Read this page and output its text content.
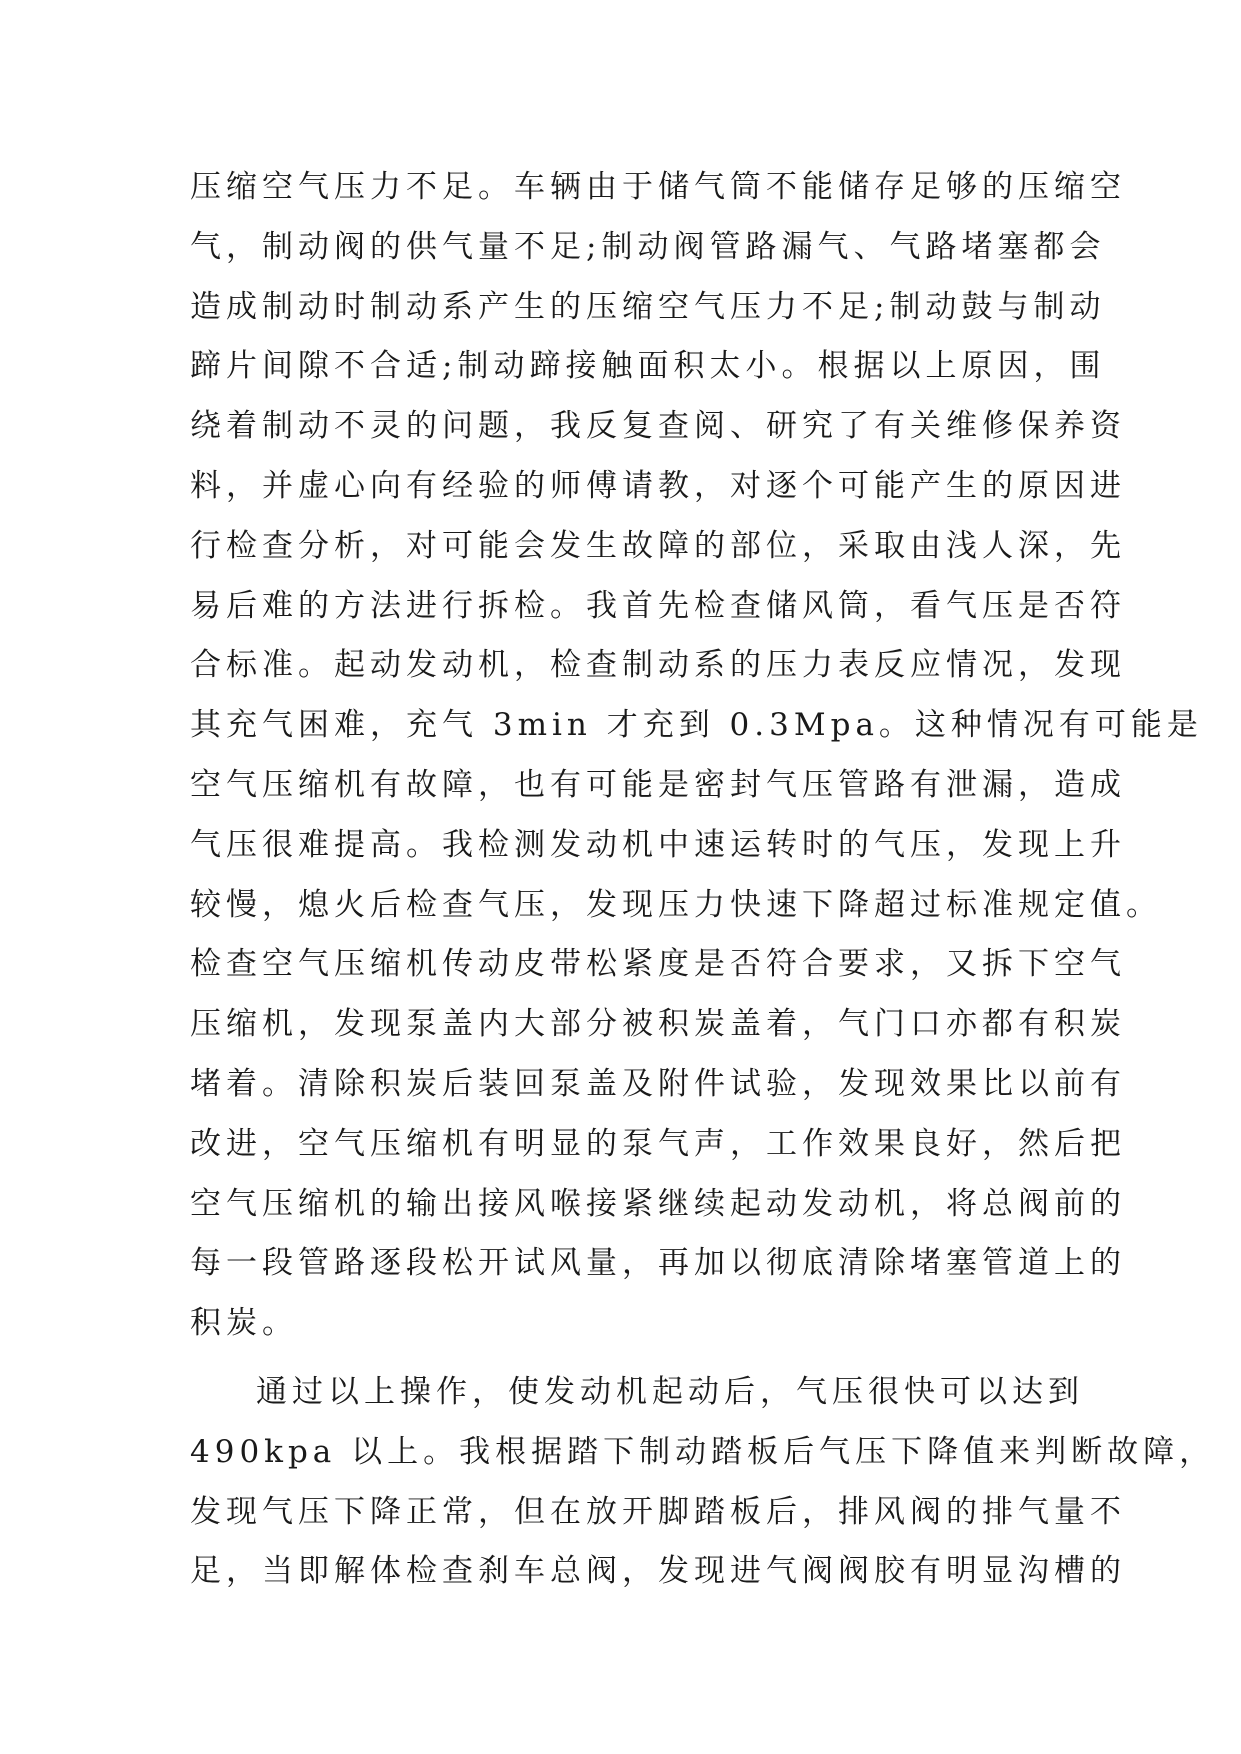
压缩空气压力不足。车辆由于储气筒不能储存足够的压缩空
气，制动阀的供气量不足;制动阀管路漏气、气路堵塞都会
造成制动时制动系产生的压缩空气压力不足;制动鼓与制动
蹄片间隙不合适;制动蹄接触面积太小。根据以上原因，围
绕着制动不灵的问题，我反复查阅、研究了有关维修保养资
料，并虚心向有经验的师傅请教，对逐个可能产生的原因进
行检查分析，对可能会发生故障的部位，采取由浅人深，先
易后难的方法进行拆检。我首先检查储风筒，看气压是否符
合标准。起动发动机，检查制动系的压力表反应情况，发现
其充气困难，充气 3min 才充到 0.3Mpa。这种情况有可能是
空气压缩机有故障，也有可能是密封气压管路有泄漏，造成
气压很难提高。我检测发动机中速运转时的气压，发现上升
较慢，熄火后检查气压，发现压力快速下降超过标准规定值。
检查空气压缩机传动皮带松紧度是否符合要求，又拆下空气
压缩机，发现泵盖内大部分被积炭盖着，气门口亦都有积炭
堵着。清除积炭后装回泵盖及附件试验，发现效果比以前有
改进，空气压缩机有明显的泵气声，工作效果良好，然后把
空气压缩机的输出接风喉接紧继续起动发动机，将总阀前的
每一段管路逐段松开试风量，再加以彻底清除堵塞管道上的
积炭。
通过以上操作，使发动机起动后，气压很快可以达到
490kpa 以上。我根据踏下制动踏板后气压下降值来判断故障，
发现气压下降正常，但在放开脚踏板后，排风阀的排气量不
足，当即解体检查刹车总阀，发现进气阀阀胶有明显沟槽的
